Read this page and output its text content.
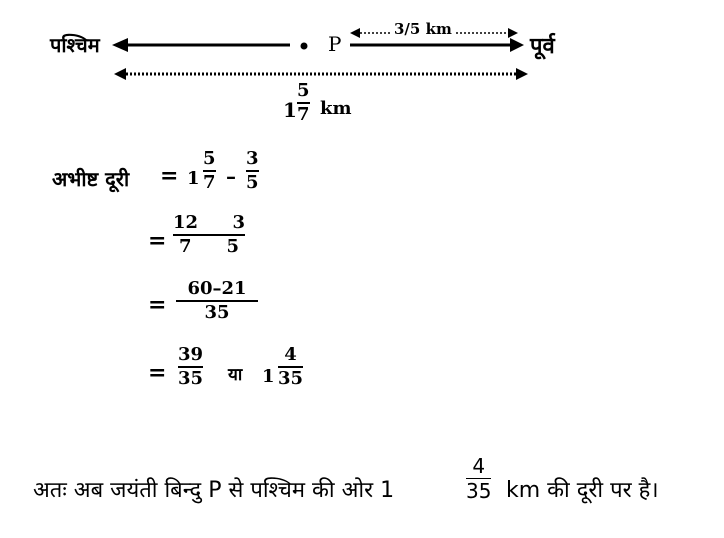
पश्चिम	P
3/5 km
पूर्व
1
5
7 km
अभीष्ट दूरी = 1
5
7 –
3
5
=
12 3
7 5
=
60–21
35
=
39
35 या 1
4
35
अतः अब जयंती बिन्दु P से पश्चिम की ओर 1
4
35 km की दूरी पर है।
